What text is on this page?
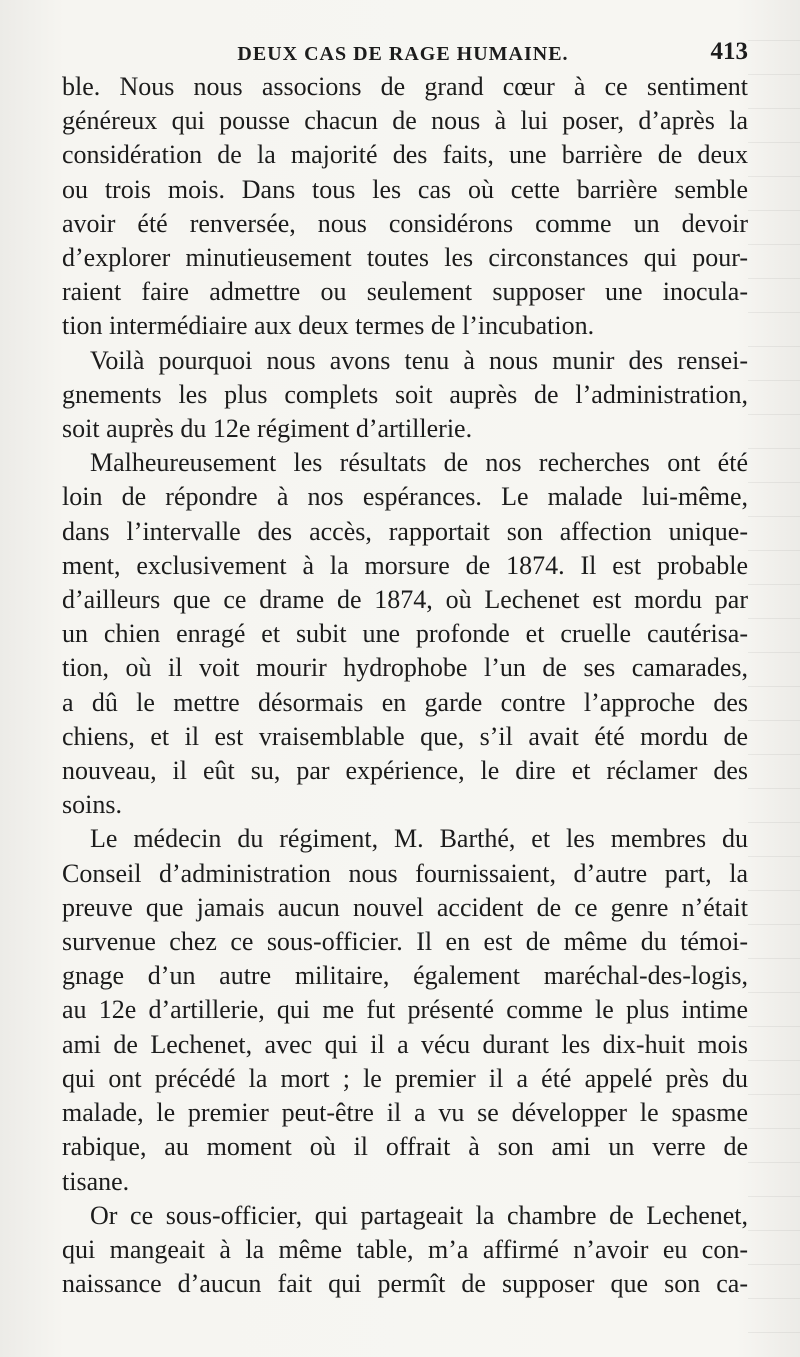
DEUX CAS DE RAGE HUMAINE.	413
ble. Nous nous associons de grand cœur à ce sentiment
généreux qui pousse chacun de nous à lui poser, d’après la
considération de la majorité des faits, une barrière de deux
ou trois mois. Dans tous les cas où cette barrière semble
avoir été renversée, nous considérons comme un devoir
d’explorer minutieusement toutes les circonstances qui pour-
raient faire admettre ou seulement supposer une inocula-
tion intermédiaire aux deux termes de l’incubation.
Voilà pourquoi nous avons tenu à nous munir des rensei-
gnements les plus complets soit auprès de l’administration,
soit auprès du 12e régiment d’artillerie.
Malheureusement les résultats de nos recherches ont été
loin de répondre à nos espérances. Le malade lui-même,
dans l’intervalle des accès, rapportait son affection unique-
ment, exclusivement à la morsure de 1874. Il est probable
d’ailleurs que ce drame de 1874, où Lechenet est mordu par
un chien enragé et subit une profonde et cruelle cautérisa-
tion, où il voit mourir hydrophobe l’un de ses camarades,
a dû le mettre désormais en garde contre l’approche des
chiens, et il est vraisemblable que, s’il avait été mordu de
nouveau, il eût su, par expérience, le dire et réclamer des
soins.
Le médecin du régiment, M. Barthé, et les membres du
Conseil d’administration nous fournissaient, d’autre part, la
preuve que jamais aucun nouvel accident de ce genre n’était
survenue chez ce sous-officier. Il en est de même du témoi-
gnage d’un autre militaire, également maréchal-des-logis,
au 12e d’artillerie, qui me fut présenté comme le plus intime
ami de Lechenet, avec qui il a vécu durant les dix-huit mois
qui ont précédé la mort ; le premier il a été appelé près du
malade, le premier peut-être il a vu se développer le spasme
rabique, au moment où il offrait à son ami un verre de
tisane.
Or ce sous-officier, qui partageait la chambre de Lechenet,
qui mangeait à la même table, m’a affirmé n’avoir eu con-
naissance d’aucun fait qui permît de supposer que son ca-
